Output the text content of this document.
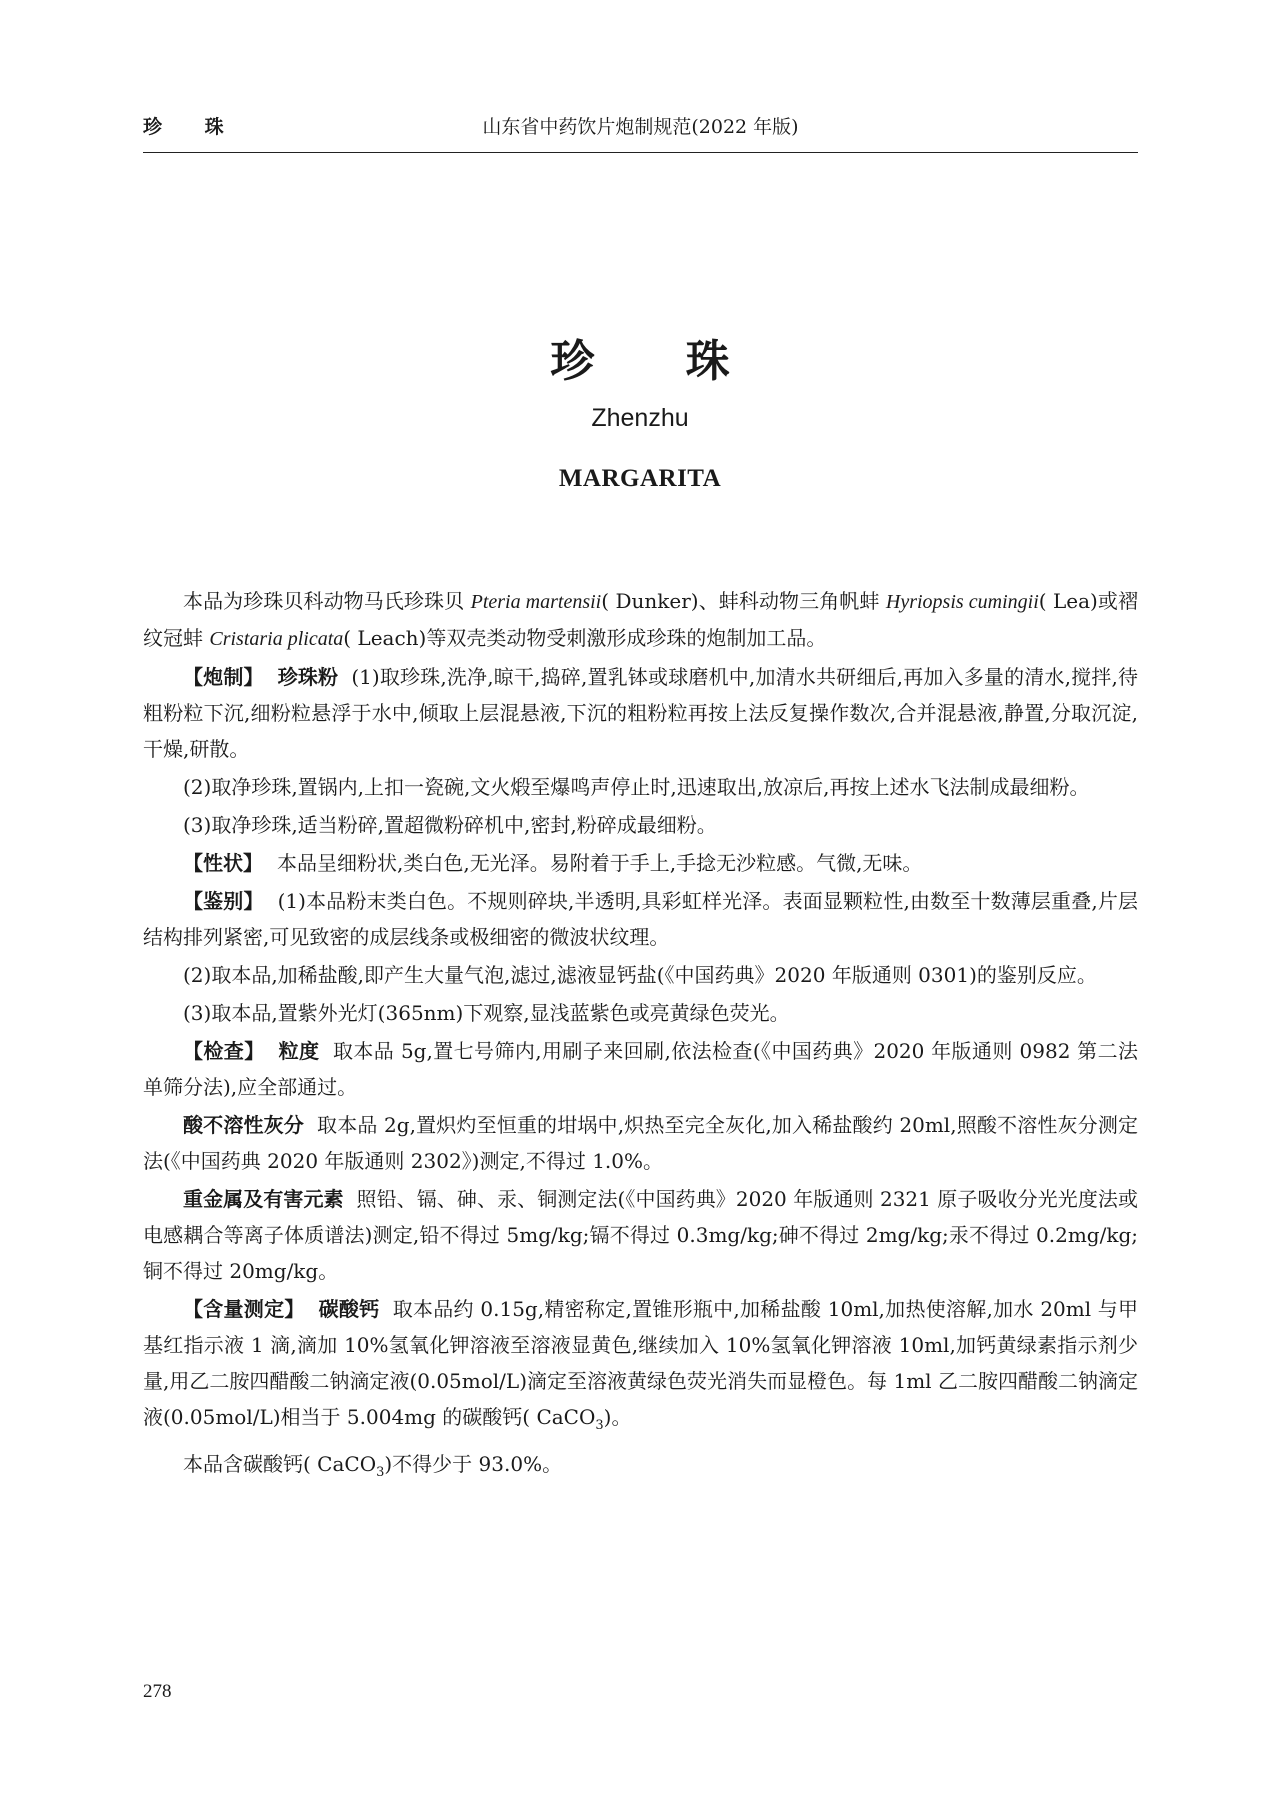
山东省中药饮片炮制规范(2022 年版)
珍 珠
珍 珠
Zhenzhu
MARGARITA

本品为珍珠贝科动物马氏珍珠贝 Pteria martensii( Dunker)、蚌科动物三角帆蚌 Hyriopsis cumingii( Lea)或褶纹冠蚌 Cristaria plicata( Leach)等双壳类动物受刺激形成珍珠的炮制加工品。

【炮制】 珍珠粉 (1)取珍珠,洗净,晾干,捣碎,置乳钵或球磨机中,加清水共研细后,再加入多量的清水,搅拌,待粗粉粒下沉,细粉粒悬浮于水中,倾取上层混悬液,下沉的粗粉粒再按上法反复操作数次,合并混悬液,静置,分取沉淀,干燥,研散。

(2)取净珍珠,置锅内,上扣一瓷碗,文火煅至爆鸣声停止时,迅速取出,放凉后,再按上述水飞法制成最细粉。

(3)取净珍珠,适当粉碎,置超微粉碎机中,密封,粉碎成最细粉。

【性状】 本品呈细粉状,类白色,无光泽。易附着于手上,手捻无沙粒感。气微,无味。

【鉴别】 (1)本品粉末类白色。不规则碎块,半透明,具彩虹样光泽。表面显颗粒性,由数至十数薄层重叠,片层结构排列紧密,可见致密的成层线条或极细密的微波状纹理。

(2)取本品,加稀盐酸,即产生大量气泡,滤过,滤液显钙盐(《中国药典》2020 年版通则 0301)的鉴别反应。

(3)取本品,置紫外光灯(365nm)下观察,显浅蓝紫色或亮黄绿色荧光。

【检查】 粒度 取本品 5g,置七号筛内,用刷子来回刷,依法检查(《中国药典》2020 年版通则 0982 第二法单筛分法),应全部通过。

酸不溶性灰分 取本品 2g,置炽灼至恒重的坩埚中,炽热至完全灰化,加入稀盐酸约 20ml,照酸不溶性灰分测定法(《中国药典 2020 年版通则 2302》)测定,不得过 1.0%。

重金属及有害元素 照铅、镉、砷、汞、铜测定法(《中国药典》2020 年版通则 2321 原子吸收分光光度法或电感耦合等离子体质谱法)测定,铅不得过 5mg/kg;镉不得过 0.3mg/kg;砷不得过 2mg/kg;汞不得过 0.2mg/kg;铜不得过 20mg/kg。

【含量测定】 碳酸钙 取本品约 0.15g,精密称定,置锥形瓶中,加稀盐酸 10ml,加热使溶解,加水 20ml 与甲基红指示液 1 滴,滴加 10%氢氧化钾溶液至溶液显黄色,继续加入 10%氢氧化钾溶液 10ml,加钙黄绿素指示剂少量,用乙二胺四醋酸二钠滴定液(0.05mol/L)滴定至溶液黄绿色荧光消失而显橙色。每 1ml 乙二胺四醋酸二钠滴定液(0.05mol/L)相当于 5.004mg 的碳酸钙( CaCO$_3$)。

本品含碳酸钙( CaCO$_3$)不得少于 93.0%。

278
